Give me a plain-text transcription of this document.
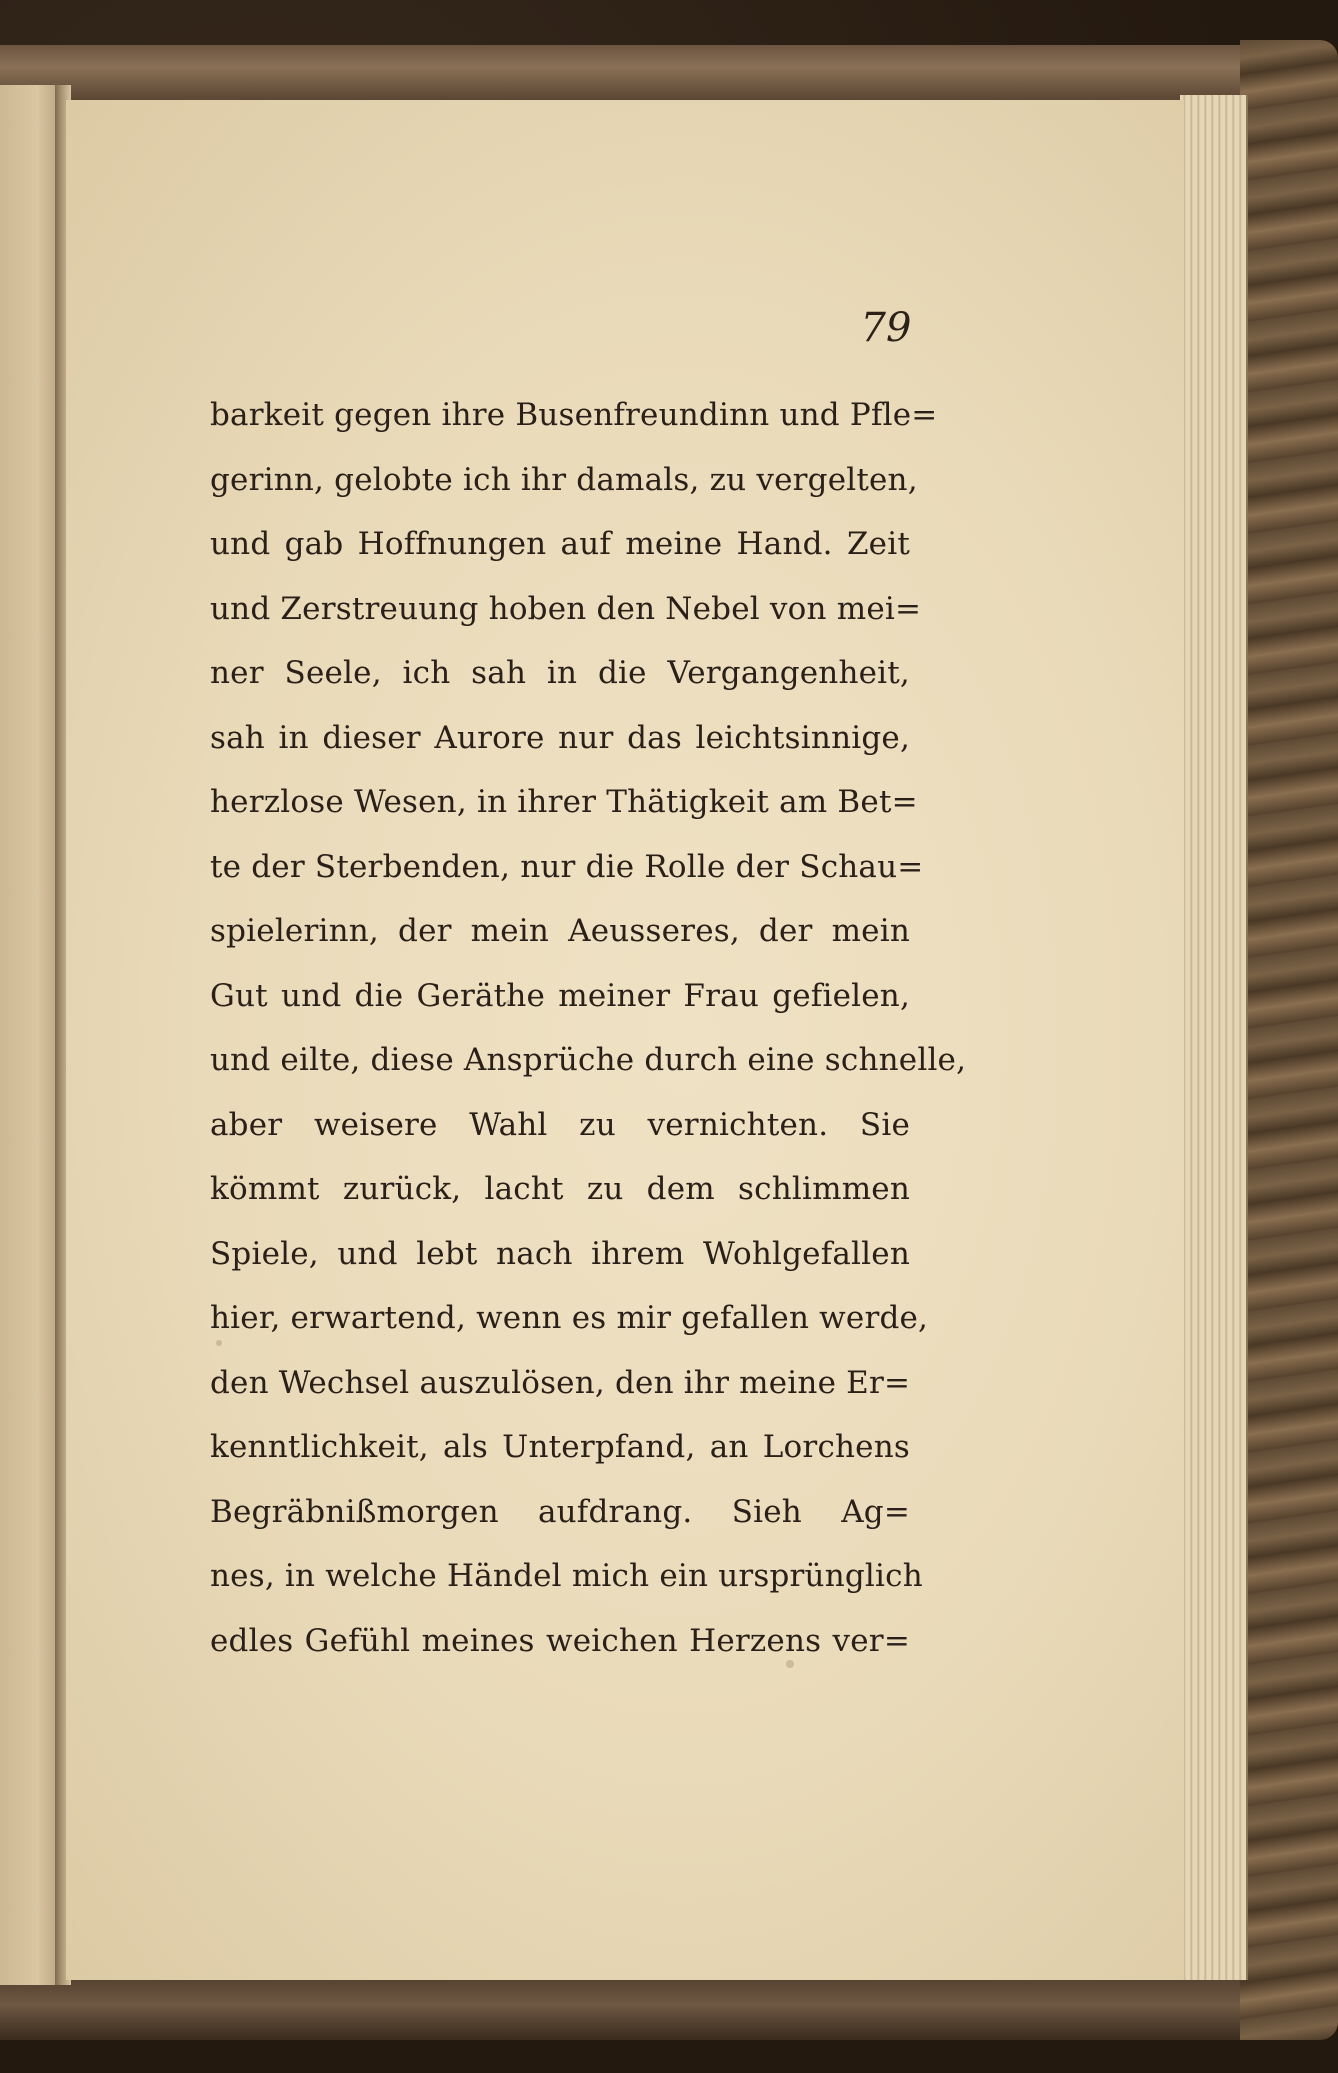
79

barkeit gegen ihre Busenfreundinn und Pfle=
gerinn, gelobte ich ihr damals, zu vergelten,
und gab Hoffnungen auf meine Hand. Zeit
und Zerstreuung hoben den Nebel von mei=
ner Seele, ich sah in die Vergangenheit,
sah in dieser Aurore nur das leichtsinnige,
herzlose Wesen, in ihrer Thätigkeit am Bet=
te der Sterbenden, nur die Rolle der Schau=
spielerinn, der mein Aeusseres, der mein
Gut und die Geräthe meiner Frau gefielen,
und eilte, diese Ansprüche durch eine schnelle,
aber weisere Wahl zu vernichten. Sie
kömmt zurück, lacht zu dem schlimmen
Spiele, und lebt nach ihrem Wohlgefallen
hier, erwartend, wenn es mir gefallen werde,
den Wechsel auszulösen, den ihr meine Er=
kenntlichkeit, als Unterpfand, an Lorchens
Begräbnißmorgen aufdrang. Sieh Ag=
nes, in welche Händel mich ein ursprünglich
edles Gefühl meines weichen Herzens ver=
